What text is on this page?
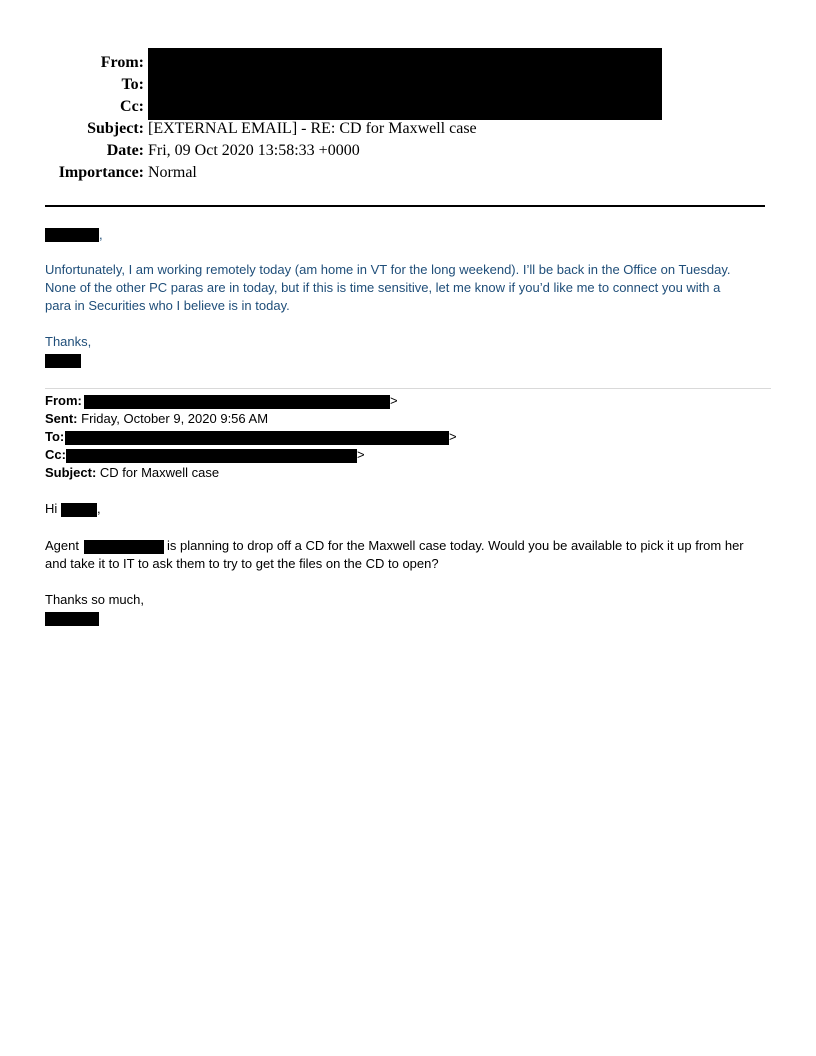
From:
To:
Cc:
Subject: [EXTERNAL EMAIL] - RE: CD for Maxwell case
Date: Fri, 09 Oct 2020 13:58:33 +0000
Importance: Normal
,
Unfortunately, I am working remotely today (am home in VT for the long weekend). I’ll be back in the Office on Tuesday.
None of the other PC paras are in today, but if this is time sensitive, let me know if you’d like me to connect you with a
para in Securities who I believe is in today.
Thanks,
From:	>
Sent: Friday, October 9, 2020 9:56 AM
To:	>
Cc:	>
Subject: CD for Maxwell case
Hi	,
Agent	is planning to drop off a CD for the Maxwell case today. Would you be available to pick it up from her
and take it to IT to ask them to try to get the files on the CD to open?
Thanks so much,
